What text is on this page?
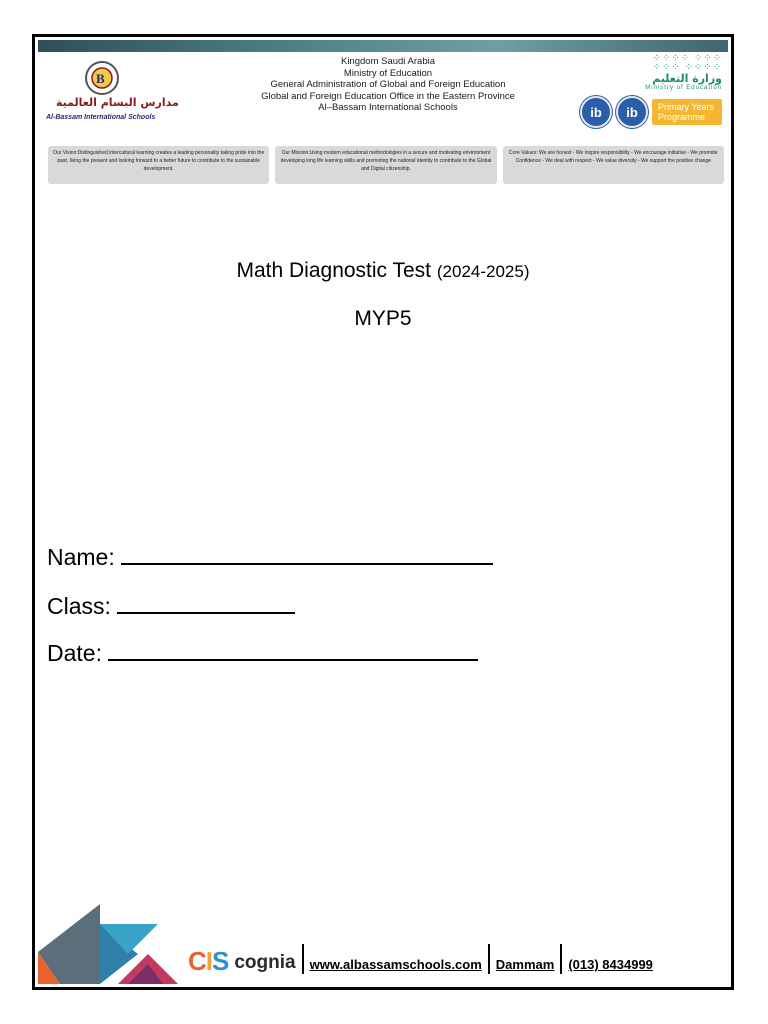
B
مدارس البسام العالمية
Al-Bassam International Schools
Kingdom Saudi Arabia
Ministry of Education
General Administration of Global and Foreign Education
Global and Foreign Education Office in the Eastern Province
Al–Bassam International Schools
⁘⁘⁘⁘ ⁘⁘⁘
⁘⁘⁘ ⁘⁘⁘⁘
وزارة التعليم
Ministry of Education
ib	ib	Primary Years Programme
Our Vision:Distinguished intercultural learning creates a leading personality taking pride into the past, living the present and looking forward to a better future to contribute to the sustainable development.
Our Mission:Using modern educational methodologies in a secure and motivating environment developing long life learning skills and promoting the national identity to contribute to the Global and Digital citizenship.
Core Values: We are honest - We inspire responsibility - We encourage initiative - We promote Confidence - We deal with respect - We value diversity - We support the positive change
Math Diagnostic Test (2024-2025)
MYP5
Name:
Class:
Date:
CIS cognia www.albassamschools.com Dammam (013) 8434999
